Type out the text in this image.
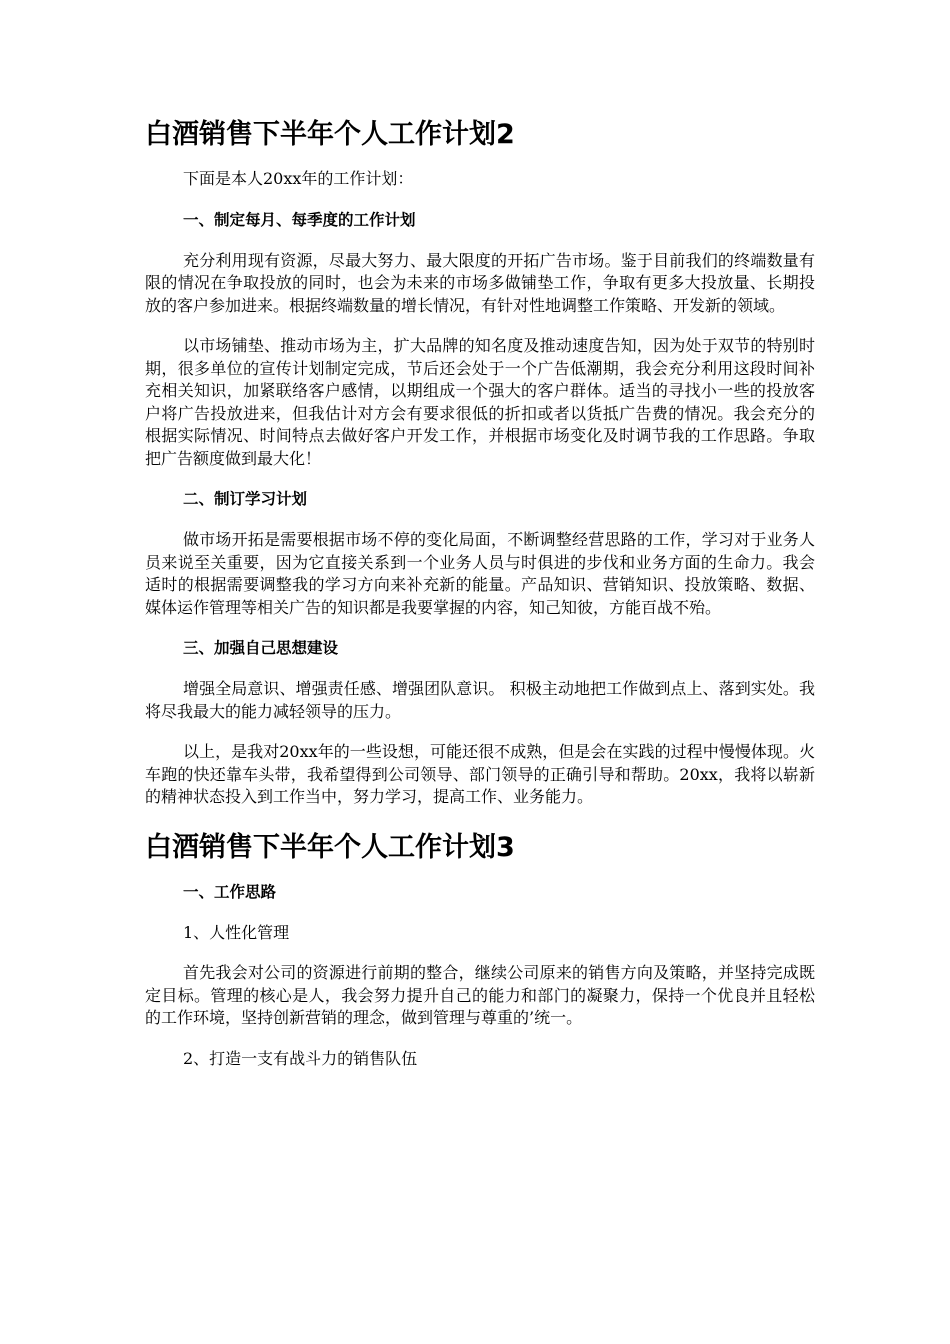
白酒销售下半年个人工作计划2

下面是本人20xx年的工作计划：

一、制定每月、每季度的工作计划

充分利用现有资源，尽最大努力、最大限度的开拓广告市场。鉴于目前我们的终端数量有限的情况在争取投放的同时，也会为未来的市场多做铺垫工作，争取有更多大投放量、长期投放的客户参加进来。根据终端数量的增长情况，有针对性地调整工作策略、开发新的领域。

以市场铺垫、推动市场为主，扩大品牌的知名度及推动速度告知，因为处于双节的特别时期，很多单位的宣传计划制定完成，节后还会处于一个广告低潮期，我会充分利用这段时间补充相关知识，加紧联络客户感情，以期组成一个强大的客户群体。适当的寻找小一些的投放客户将广告投放进来，但我估计对方会有要求很低的折扣或者以货抵广告费的情况。我会充分的根据实际情况、时间特点去做好客户开发工作，并根据市场变化及时调节我的工作思路。争取把广告额度做到最大化！

二、制订学习计划

做市场开拓是需要根据市场不停的变化局面，不断调整经营思路的工作，学习对于业务人员来说至关重要，因为它直接关系到一个业务人员与时俱进的步伐和业务方面的生命力。我会适时的根据需要调整我的学习方向来补充新的能量。产品知识、营销知识、投放策略、数据、媒体运作管理等相关广告的知识都是我要掌握的内容，知己知彼，方能百战不殆。

三、加强自己思想建设

增强全局意识、增强责任感、增强团队意识。 积极主动地把工作做到点上、落到实处。我将尽我最大的能力减轻领导的压力。

以上，是我对20xx年的一些设想，可能还很不成熟，但是会在实践的过程中慢慢体现。火车跑的快还靠车头带，我希望得到公司领导、部门领导的正确引导和帮助。20xx，我将以崭新的精神状态投入到工作当中，努力学习，提高工作、业务能力。

白酒销售下半年个人工作计划3
一、工作思路

1、人性化管理

首先我会对公司的资源进行前期的整合，继续公司原来的销售方向及策略，并坚持完成既定目标。管理的核心是人，我会努力提升自己的能力和部门的凝聚力，保持一个优良并且轻松的工作环境，坚持创新营销的理念，做到管理与尊重的’统一。

2、打造一支有战斗力的销售队伍
